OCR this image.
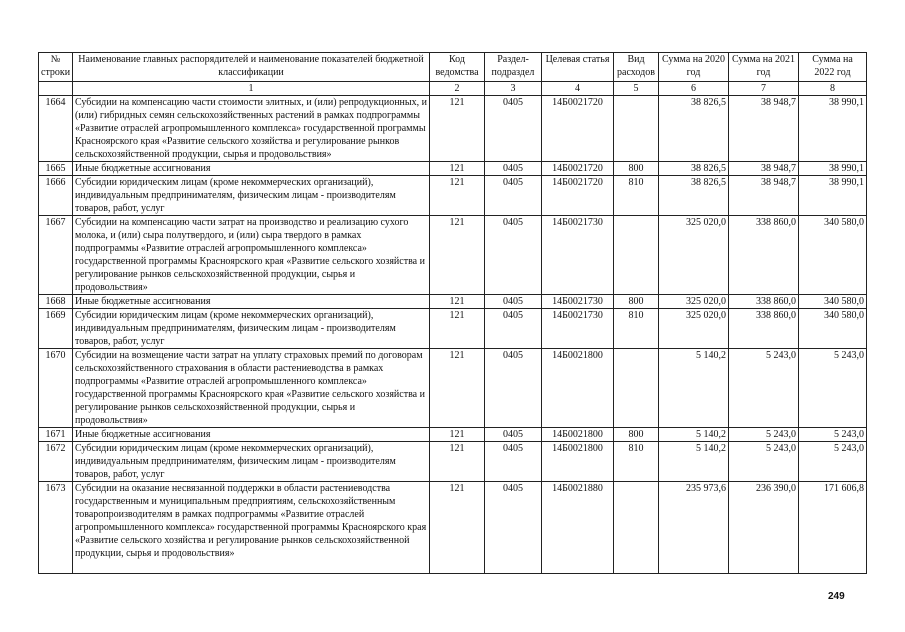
№ строки	Наименование главных распорядителей и наименование показателей бюджетной классификации	Код ведомства	Раздел-подраздел	Целевая статья	Вид расходов	Сумма на 2020 год	Сумма на 2021 год	Сумма на 2022 год
	1	2	3	4	5	6	7	8
1664	Субсидии на компенсацию части стоимости элитных, и (или) репродукционных, и (или) гибридных семян сельскохозяйственных растений в рамках подпрограммы «Развитие отраслей агропромышленного комплекса» государственной программы Красноярского края «Развитие сельского хозяйства и регулирование рынков сельскохозяйственной продукции, сырья и продовольствия»	121	0405	14Б0021720		38 826,5	38 948,7	38 990,1
1665	Иные бюджетные ассигнования	121	0405	14Б0021720	800	38 826,5	38 948,7	38 990,1
1666	Субсидии юридическим лицам (кроме некоммерческих организаций), индивидуальным предпринимателям, физическим лицам - производителям товаров, работ, услуг	121	0405	14Б0021720	810	38 826,5	38 948,7	38 990,1
1667	Субсидии на компенсацию части затрат на производство и реализацию сухого молока, и (или) сыра полутвердого, и (или) сыра твердого в рамках подпрограммы «Развитие отраслей агропромышленного комплекса» государственной программы Красноярского края «Развитие сельского хозяйства и регулирование рынков сельскохозяйственной продукции, сырья и продовольствия»	121	0405	14Б0021730		325 020,0	338 860,0	340 580,0
1668	Иные бюджетные ассигнования	121	0405	14Б0021730	800	325 020,0	338 860,0	340 580,0
1669	Субсидии юридическим лицам (кроме некоммерческих организаций), индивидуальным предпринимателям, физическим лицам - производителям товаров, работ, услуг	121	0405	14Б0021730	810	325 020,0	338 860,0	340 580,0
1670	Субсидии на возмещение части затрат на уплату страховых премий по договорам сельскохозяйственного страхования в области растениеводства в рамках подпрограммы «Развитие отраслей агропромышленного комплекса» государственной программы Красноярского края «Развитие сельского хозяйства и регулирование рынков сельскохозяйственной продукции, сырья и продовольствия»	121	0405	14Б0021800		5 140,2	5 243,0	5 243,0
1671	Иные бюджетные ассигнования	121	0405	14Б0021800	800	5 140,2	5 243,0	5 243,0
1672	Субсидии юридическим лицам (кроме некоммерческих организаций), индивидуальным предпринимателям, физическим лицам - производителям товаров, работ, услуг	121	0405	14Б0021800	810	5 140,2	5 243,0	5 243,0
1673	Субсидии на оказание несвязанной поддержки в области растениеводства государственным и муниципальным предприятиям, сельскохозяйственным товаропроизводителям в рамках подпрограммы «Развитие отраслей агропромышленного комплекса» государственной программы Красноярского края «Развитие сельского хозяйства и регулирование рынков сельскохозяйственной продукции, сырья и продовольствия»	121	0405	14Б0021880		235 973,6	236 390,0	171 606,8
249
